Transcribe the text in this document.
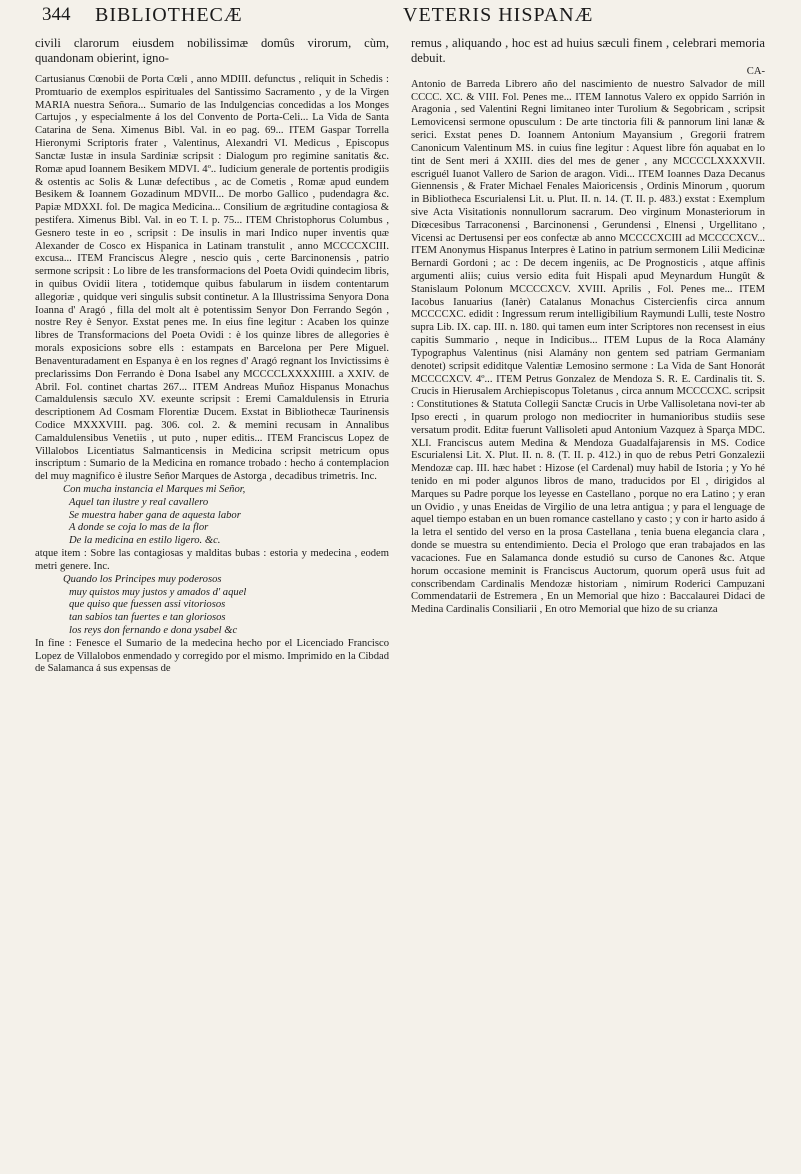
344 BIBLIOTHECÆ	VETERIS HISPANÆ

civili clarorum eiusdem nobilissimæ domûs virorum, cùm, quandonam obierint, igno-

Cartusianus Cœnobii de Porta Cœli , anno MDIII. defunctus , reliquit in Schedis : Promtuario de exemplos espirituales del Santissimo Sacramento , y de la Virgen MARIA nuestra Señora... Sumario de las Indulgencias concedidas a los Monges Cartujos , y especialmente á los del Convento de Porta-Celi... La Vida de Santa Catarina de Sena. Ximenus Bibl. Val. in eo pag. 69... ITEM Gaspar Torrella Hieronymi Scriptoris frater , Valentinus, Alexandri VI. Medicus , Episcopus Sanctæ Iustæ in insula Sardiniæ scripsit : Dialogum pro regimine sanitatis &c. Romæ apud Ioannem Besikem MDVI. 4º.. Iudicium generale de portentis prodigiis & ostentis ac Solis & Lunæ defectibus , ac de Cometis , Romæ apud eundem Besikem & Ioannem Gozadinum MDVII... De morbo Gallico , pudendagra &c. Papiæ MDXXI. fol. De magica Medicina... Consilium de ægritudine contagiosa & pestifera. Ximenus Bibl. Val. in eo T. I. p. 75... ITEM Christophorus Columbus , Gesnero teste in eo , scripsit : De insulis in mari Indico nuper inventis quæ Alexander de Cosco ex Hispanica in Latinam transtulit , anno MCCCCXCIII. excusa... ITEM Franciscus Alegre , nescio quis , certe Barcinonensis , patrio sermone scripsit : Lo libre de les transformacions del Poeta Ovidi quindecim libris, in quibus Ovidii litera , totidemque quibus fabularum in iisdem contentarum allegoriæ , quidque veri singulis subsit continetur. A la Illustrissima Senyora Dona Ioanna d' Aragó , filla del molt alt è potentissim Senyor Don Ferrando Segón , nostre Rey è Senyor. Exstat penes me. In eius fine legitur : Acaben los quinze libres de Transformacions del Poeta Ovidi : è los quinze libres de allegories è morals exposicions sobre ells : estampats en Barcelona per Pere Miguel. Benaventuradament en Espanya è en los regnes d' Aragó regnant los Invictissims è preclarissims Don Ferrando è Dona Isabel any MCCCCLXXXXIIII. a XXIV. de Abril. Fol. continet chartas 267... ITEM Andreas Muñoz Hispanus Monachus Camaldulensis sæculo XV. exeunte scripsit : Eremi Camaldulensis in Etruria descriptionem Ad Cosmam Florentiæ Ducem. Exstat in Bibliothecæ Taurinensis Codice MXXXVIII. pag. 306. col. 2. & memini recusam in Annalibus Camaldulensibus Venetiis , ut puto , nuper editis... ITEM Franciscus Lopez de Villalobos Licentiatus Salmanticensis in Medicina scripsit metricum opus inscriptum : Sumario de la Medicina en romance trobado : hecho á contemplacion del muy magnifico è ilustre Señor Marques de Astorga , decadibus trimetris. Inc.

Con mucha instancia el Marques mi Señor,

Aquel tan ilustre y real cavallero

Se muestra haber gana de aquesta labor

A donde se coja lo mas de la flor

De la medicina en estilo ligero. &c.

atque item : Sobre las contagiosas y malditas bubas : estoria y medecina , eodem metri genere. Inc.

Quando los Principes muy poderosos

muy quistos muy justos y amados d' aquel

que quiso que fuessen assi vitoriosos

tan sabios tan fuertes e tan gloriosos

los reys don fernando e dona ysabel &c

In fine : Fenesce el Sumario de la medecina hecho por el Licenciado Francisco Lopez de Villalobos enmendado y corregido por el mismo. Imprimido en la Cibdad de Salamanca á sus expensas de

remus , aliquando , hoc est ad huius sæculi finem , celebrari memoria debuit.

CA-

Antonio de Barreda Librero año del nascimiento de nuestro Salvador de mill CCCC. XC. & VIII. Fol. Penes me... ITEM Iannotus Valero ex oppido Sarrión in Aragonia , sed Valentini Regni limitaneo inter Turolium & Segobricam , scripsit Lemovicensi sermone opusculum : De arte tinctoria fili & pannorum lini lanæ & serici. Exstat penes D. Ioannem Antonium Mayansium , Gregorii fratrem Canonicum Valentinum MS. in cuius fine legitur : Aquest libre fón aquabat en lo tint de Sent meri á XXIII. dies del mes de gener , any MCCCCLXXXXVII. escriguél Iuanot Vallero de Sarion de aragon. Vidi... ITEM Ioannes Daza Decanus Giennensis , & Frater Michael Fenales Maioricensis , Ordinis Minorum , quorum in Bibliotheca Escurialensi Lit. u. Plut. II. n. 14. (T. II. p. 483.) exstat : Exemplum sive Acta Visitationis nonnullorum sacrarum. Deo virginum Monasteriorum in Diœcesibus Tarraconensi , Barcinonensi , Gerundensi , Elnensi , Urgellitano , Vicensi ac Dertusensi per eos confectæ ab anno MCCCCXCIII ad MCCCCXCV... ITEM Anonymus Hispanus Interpres è Latino in patrium sermonem Lilii Medicinæ Bernardi Gordoni ; ac : De decem ingeniis, ac De Prognosticis , atque affinis argumenti aliis; cuius versio edita fuit Hispali apud Meynardum Hungût & Stanislaum Polonum MCCCCXCV. XVIII. Aprilis , Fol. Penes me... ITEM Iacobus Ianuarius (Ianèr) Catalanus Monachus Cistercienfis circa annum MCCCCXC. edidit : Ingressum rerum intelligibilium Raymundi Lulli, teste Nostro supra Lib. IX. cap. III. n. 180. qui tamen eum inter Scriptores non recensest in eius capitis Summario , neque in Indicibus... ITEM Lupus de la Roca Alamány Typographus Valentinus (nisi Alamány non gentem sed patriam Germaniam denotet) scripsit ediditque Valentiæ Lemosino sermone : La Vida de Sant Honorát MCCCCXCV. 4º... ITEM Petrus Gonzalez de Mendoza S. R. E. Cardinalis tit. S. Crucis in Hierusalem Archiepiscopus Toletanus , circa annum MCCCCXC. scripsit : Constitutiones & Statuta Collegii Sanctæ Crucis in Urbe Vallisoletana novi-ter ab Ipso erecti , in quarum prologo non mediocriter in humanioribus studiis sese versatum prodit. Editæ fuerunt Vallisoleti apud Antonium Vazquez à Sparça MDC. XLI. Franciscus autem Medina & Mendoza Guadalfajarensis in MS. Codice Escurialensi Lit. X. Plut. II. n. 8. (T. II. p. 412.) in quo de rebus Petri Gonzalezii Mendozæ cap. III. hæc habet : Hizose (el Cardenal) muy habil de Istoria ; y Yo hé tenido en mi poder algunos libros de mano, traducidos por El , dirigidos al Marques su Padre porque los leyesse en Castellano , porque no era Latino ; y eran un Ovidio , y unas Eneidas de Virgilio de una letra antigua ; y para el lenguage de aquel tiempo estaban en un buen romance castellano y casto ; y con ir harto asido á la letra el sentido del verso en la prosa Castellana , tenia buena elegancia clara , donde se muestra su entendimiento. Decia el Prologo que eran trabajados en las vacaciones. Fue en Salamanca donde estudió su curso de Canones &c. Atque horum occasione meminit is Franciscus Auctorum, quorum operâ usus fuit ad conscribendam Cardinalis Mendozæ historiam , nimirum Roderici Campuzani Commendatarii de Estremera , En un Memorial que hizo : Baccalaurei Didaci de Medina Cardinalis Consiliarii , En otro Memorial que hizo de su crianza
